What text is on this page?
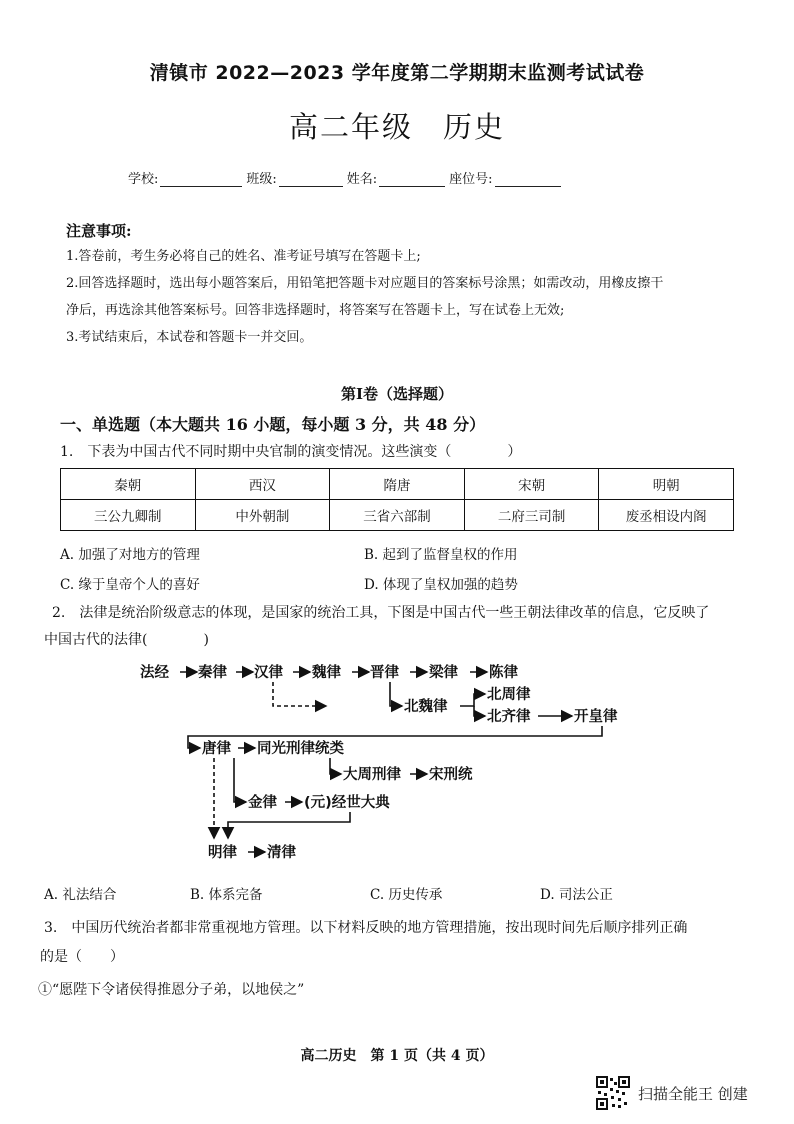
清镇市 2022—2023 学年度第二学期期末监测考试试卷
高二年级 历史
学校:	班级:	姓名:	座位号:
注意事项:
1.答卷前，考生务必将自己的姓名、准考证号填写在答题卡上;
2.回答选择题时，选出每小题答案后，用铅笔把答题卡对应题目的答案标号涂黑；如需改动，用橡皮擦干
净后，再选涂其他答案标号。回答非选择题时，将答案写在答题卡上，写在试卷上无效;
3.考试结束后，本试卷和答题卡一并交回。
第Ⅰ卷（选择题）
一、单选题（本大题共 16 小题，每小题 3 分，共 48 分）
1.　下表为中国古代不同时期中央官制的演变情况。这些演变（　　　　）
秦朝	西汉	隋唐	宋朝	明朝
三公九卿制	中外朝制	三省六部制	二府三司制	废丞相设内阁
A. 加强了对地方的管理	B. 起到了监督皇权的作用
C. 缘于皇帝个人的喜好	D. 体现了皇权加强的趋势
2.　法律是统治阶级意志的体现，是国家的统治工具，下图是中国古代一些王朝法律改革的信息，它反映了
中国古代的法律(　　　　)
法经 秦律 汉律 魏律 晋律 梁律 陈律
北魏律
北周律
北齐律	开皇律
唐律 同光刑律统类
大周刑律 宋刑统
金律 (元)经世大典
明律 清律
A. 礼法结合	B. 体系完备	C. 历史传承	D. 司法公正
3.　中国历代统治者都非常重视地方管理。以下材料反映的地方管理措施，按出现时间先后顺序排列正确
的是（　　）
①“愿陛下令诸侯得推恩分子弟，以地侯之”
高二历史　第 1 页（共 4 页）
扫描全能王 创建
